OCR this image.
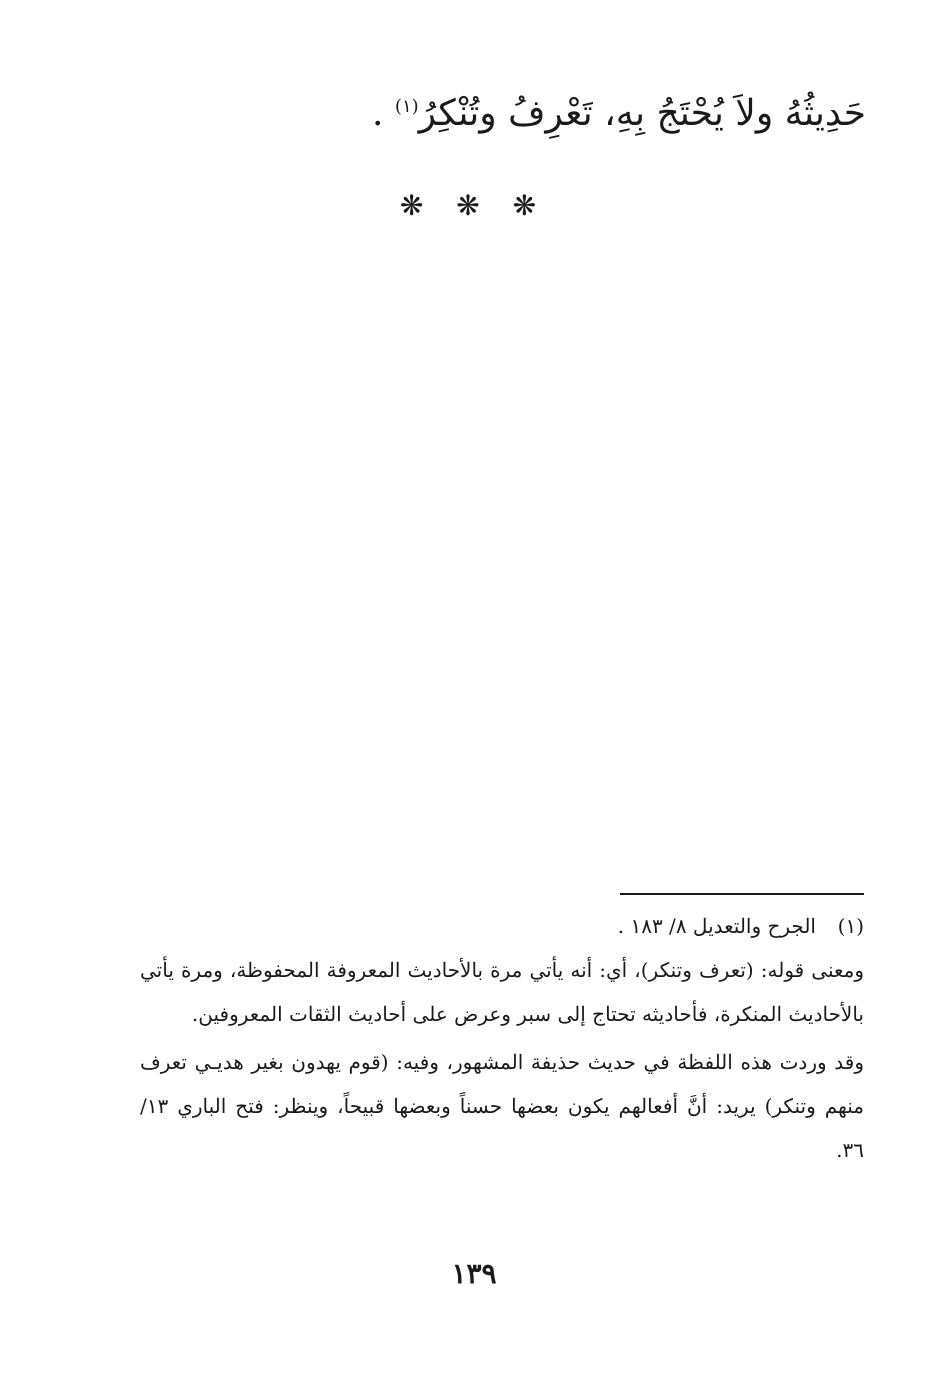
حَدِيثُهُ ولاَ يُحْتَجُ بِهِ، تَعْرِفُ وتُنْكِرُ$^{(١)}$ .
❋ ❋ ❋
(١)
الجرح والتعديل ٨/ ١٨٣ .

ومعنى قوله: (تعرف وتنكر)، أي: أنه يأتي مرة بالأحاديث المعروفة المحفوظة، ومرة يأتي بالأحاديث المنكرة، فأحاديثه تحتاج إلى سبر وعرض على أحاديث الثقات المعروفين.

وقد وردت هذه اللفظة في حديث حذيفة المشهور، وفيه: (قوم يهدون بغير هديـي تعرف منهم وتنكر) يريد: أنَّ أفعالهم يكون بعضها حسناً وبعضها قبيحاً، وينظر: فتح الباري ١٣/ ٣٦.

١٣٩
